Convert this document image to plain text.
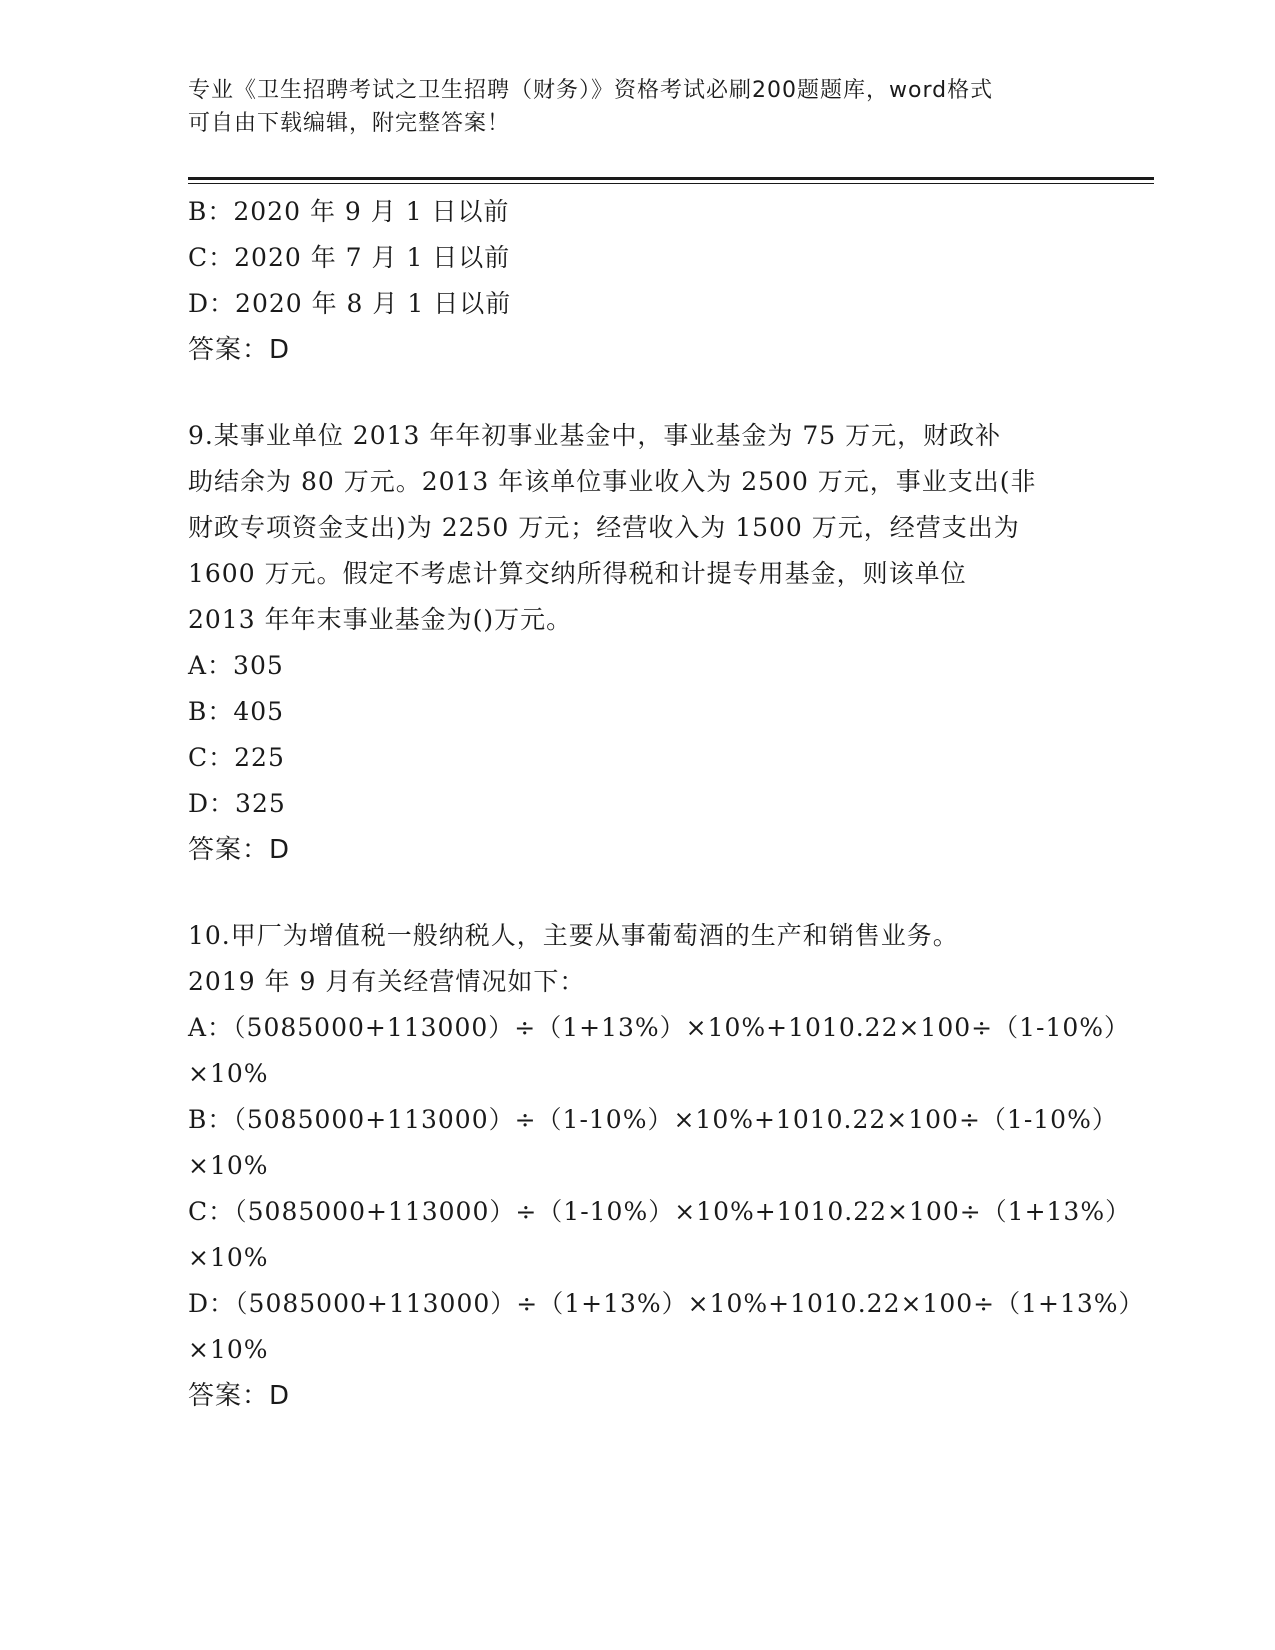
专业《卫生招聘考试之卫生招聘（财务）》资格考试必刷200题题库，word格式
可自由下载编辑，附完整答案！
B：2020 年 9 月 1 日以前
C：2020 年 7 月 1 日以前
D：2020 年 8 月 1 日以前
答案：D
9.某事业单位 2013 年年初事业基金中，事业基金为 75 万元，财政补
助结余为 80 万元。2013 年该单位事业收入为 2500 万元，事业支出(非
财政专项资金支出)为 2250 万元；经营收入为 1500 万元，经营支出为
1600 万元。假定不考虑计算交纳所得税和计提专用基金，则该单位
2013 年年末事业基金为()万元。
A：305
B：405
C：225
D：325
答案：D
10.甲厂为增值税一般纳税人，主要从事葡萄酒的生产和销售业务。
2019 年 9 月有关经营情况如下：
A：（5085000+113000）÷（1+13%）×10%+1010.22×100÷（1-10%）
×10%
B：（5085000+113000）÷（1-10%）×10%+1010.22×100÷（1-10%）
×10%
C：（5085000+113000）÷（1-10%）×10%+1010.22×100÷（1+13%）
×10%
D：（5085000+113000）÷（1+13%）×10%+1010.22×100÷（1+13%）
×10%
答案：D
